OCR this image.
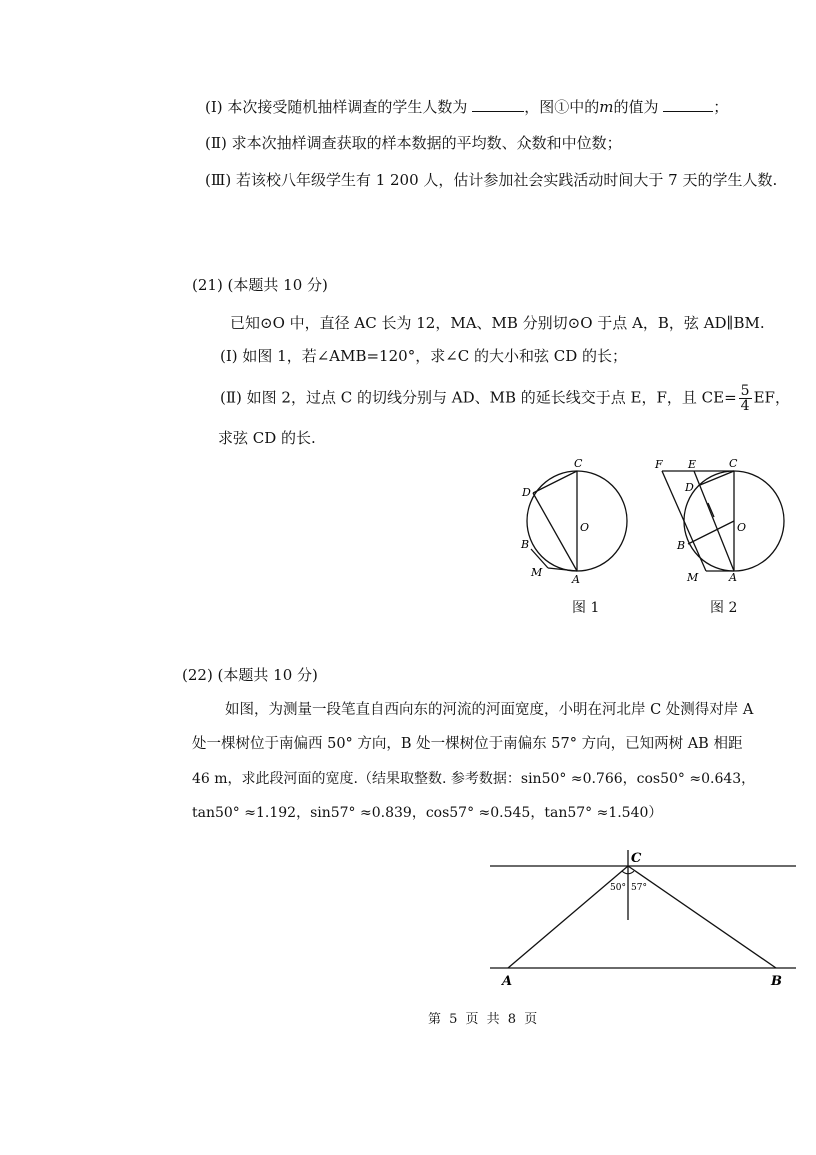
(Ⅰ) 本次接受随机抽样调查的学生人数为	，图①中的m的值为	；
(Ⅱ) 求本次抽样调查获取的样本数据的平均数、众数和中位数；
(Ⅲ) 若该校八年级学生有 1 200 人，估计参加社会实践活动时间大于 7 天的学生人数.
(21) (本题共 10 分)
已知⊙O 中，直径 AC 长为 12，MA、MB 分别切⊙O 于点 A，B，弦 AD∥BM.
(Ⅰ) 如图 1，若∠AMB=120°，求∠C 的大小和弦 CD 的长；
(Ⅱ) 如图 2，过点 C 的切线分别与 AD、MB 的延长线交于点 E，F，且 $CE= \frac{5}{4}$ EF，
求弦 CD 的长.
C
D
O
B
M
A
图 1
F E	C
D
O
B
M	A
图 2
(22) (本题共 10 分)
如图，为测量一段笔直自西向东的河流的河面宽度，小明在河北岸 C 处测得对岸 A
处一棵树位于南偏西 50° 方向，B 处一棵树位于南偏东 57° 方向，已知两树 AB 相距
46 m，求此段河面的宽度.（结果取整数. 参考数据：sin50° ≈0.766，cos50° ≈0.643，
tan50° ≈1.192，sin57° ≈0.839，cos57° ≈0.545，tan57° ≈1.540）
C
50° 57°
A	B
第 5 页 共 8 页
